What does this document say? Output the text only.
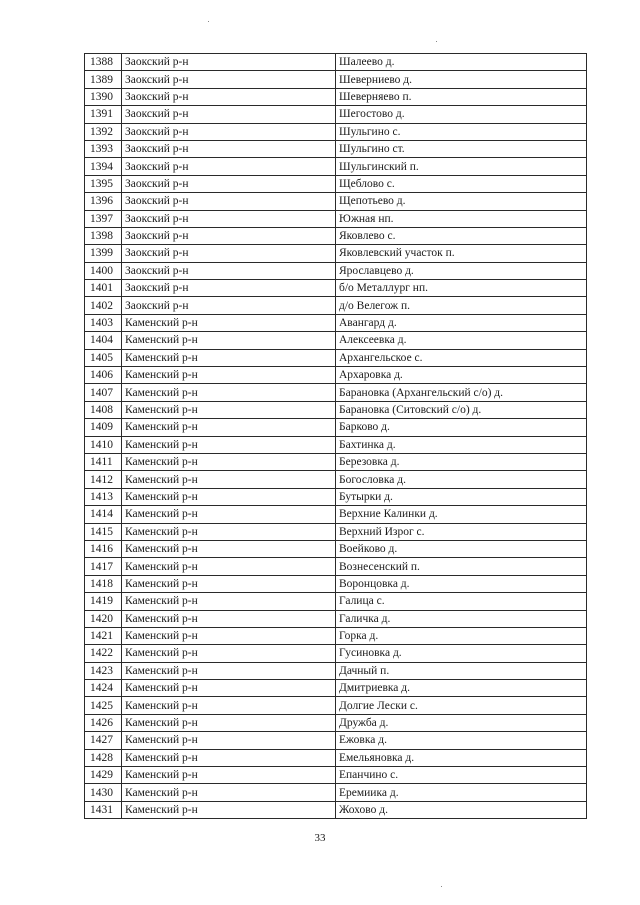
1388	Заокский р-н	Шалеево д.
1389	Заокский р-н	Шеверниево д.
1390	Заокский р-н	Шеверняево п.
1391	Заокский р-н	Шегостово д.
1392	Заокский р-н	Шульгино с.
1393	Заокский р-н	Шульгино ст.
1394	Заокский р-н	Шульгинский п.
1395	Заокский р-н	Щеблово с.
1396	Заокский р-н	Щепотьево д.
1397	Заокский р-н	Южная нп.
1398	Заокский р-н	Яковлево с.
1399	Заокский р-н	Яковлевский участок п.
1400	Заокский р-н	Ярославцево д.
1401	Заокский р-н	б/о Металлург нп.
1402	Заокский р-н	д/о Велегож п.
1403	Каменский р-н	Авангард д.
1404	Каменский р-н	Алексеевка д.
1405	Каменский р-н	Архангельское с.
1406	Каменский р-н	Архаровка д.
1407	Каменский р-н	Барановка (Архангельский с/о) д.
1408	Каменский р-н	Барановка (Ситовский с/о) д.
1409	Каменский р-н	Барково д.
1410	Каменский р-н	Бахтинка д.
1411	Каменский р-н	Березовка д.
1412	Каменский р-н	Богословка д.
1413	Каменский р-н	Бутырки д.
1414	Каменский р-н	Верхние Калинки д.
1415	Каменский р-н	Верхний Изрог с.
1416	Каменский р-н	Воейково д.
1417	Каменский р-н	Вознесенский п.
1418	Каменский р-н	Воронцовка д.
1419	Каменский р-н	Галица с.
1420	Каменский р-н	Галичка д.
1421	Каменский р-н	Горка д.
1422	Каменский р-н	Гусиновка д.
1423	Каменский р-н	Дачный п.
1424	Каменский р-н	Дмитриевка д.
1425	Каменский р-н	Долгие Лески с.
1426	Каменский р-н	Дружба д.
1427	Каменский р-н	Ежовка д.
1428	Каменский р-н	Емельяновка д.
1429	Каменский р-н	Епанчино с.
1430	Каменский р-н	Еремиика д.
1431	Каменский р-н	Жохово д.
33
